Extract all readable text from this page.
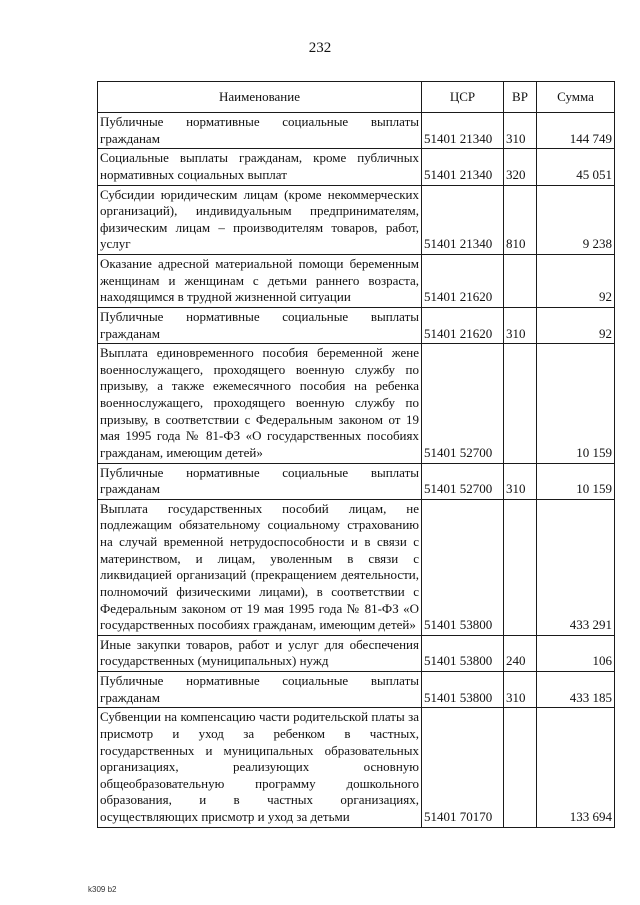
232
Наименование	ЦСР	ВР	Сумма
Публичные нормативные социальные выплаты гражданам	51401 21340	310	144 749
Социальные выплаты гражданам, кроме публичных нормативных социальных выплат	51401 21340	320	45 051
Субсидии юридическим лицам (кроме некоммерческих организаций), индивидуальным предпринимателям, физическим лицам – производителям товаров, работ, услуг	51401 21340	810	9 238
Оказание адресной материальной помощи беременным женщинам и женщинам с детьми раннего возраста, находящимся в трудной жизненной ситуации	51401 21620		92
Публичные нормативные социальные выплаты гражданам	51401 21620	310	92
Выплата единовременного пособия беременной жене военнослужащего, проходящего военную службу по призыву, а также ежемесячного пособия на ребенка военнослужащего, проходящего военную службу по призыву, в соответствии с Федеральным законом от 19 мая 1995 года № 81-ФЗ «О государственных пособиях гражданам, имеющим детей»	51401 52700		10 159
Публичные нормативные социальные выплаты гражданам	51401 52700	310	10 159
Выплата государственных пособий лицам, не подлежащим обязательному социальному страхованию на случай временной нетрудоспособности и в связи с материнством, и лицам, уволенным в связи с ликвидацией организаций (прекращением деятельности, полномочий физическими лицами), в соответствии с Федеральным законом от 19 мая 1995 года № 81-ФЗ «О государственных пособиях гражданам, имеющим детей»	51401 53800		433 291
Иные закупки товаров, работ и услуг для обеспечения государственных (муниципальных) нужд	51401 53800	240	106
Публичные нормативные социальные выплаты гражданам	51401 53800	310	433 185
Субвенции на компенсацию части родительской платы за присмотр и уход за ребенком в частных, государственных и муниципальных образовательных организациях, реализующих основную общеобразовательную программу дошкольного образования, и в частных организациях, осуществляющих присмотр и уход за детьми	51401 70170		133 694
k309 b2
